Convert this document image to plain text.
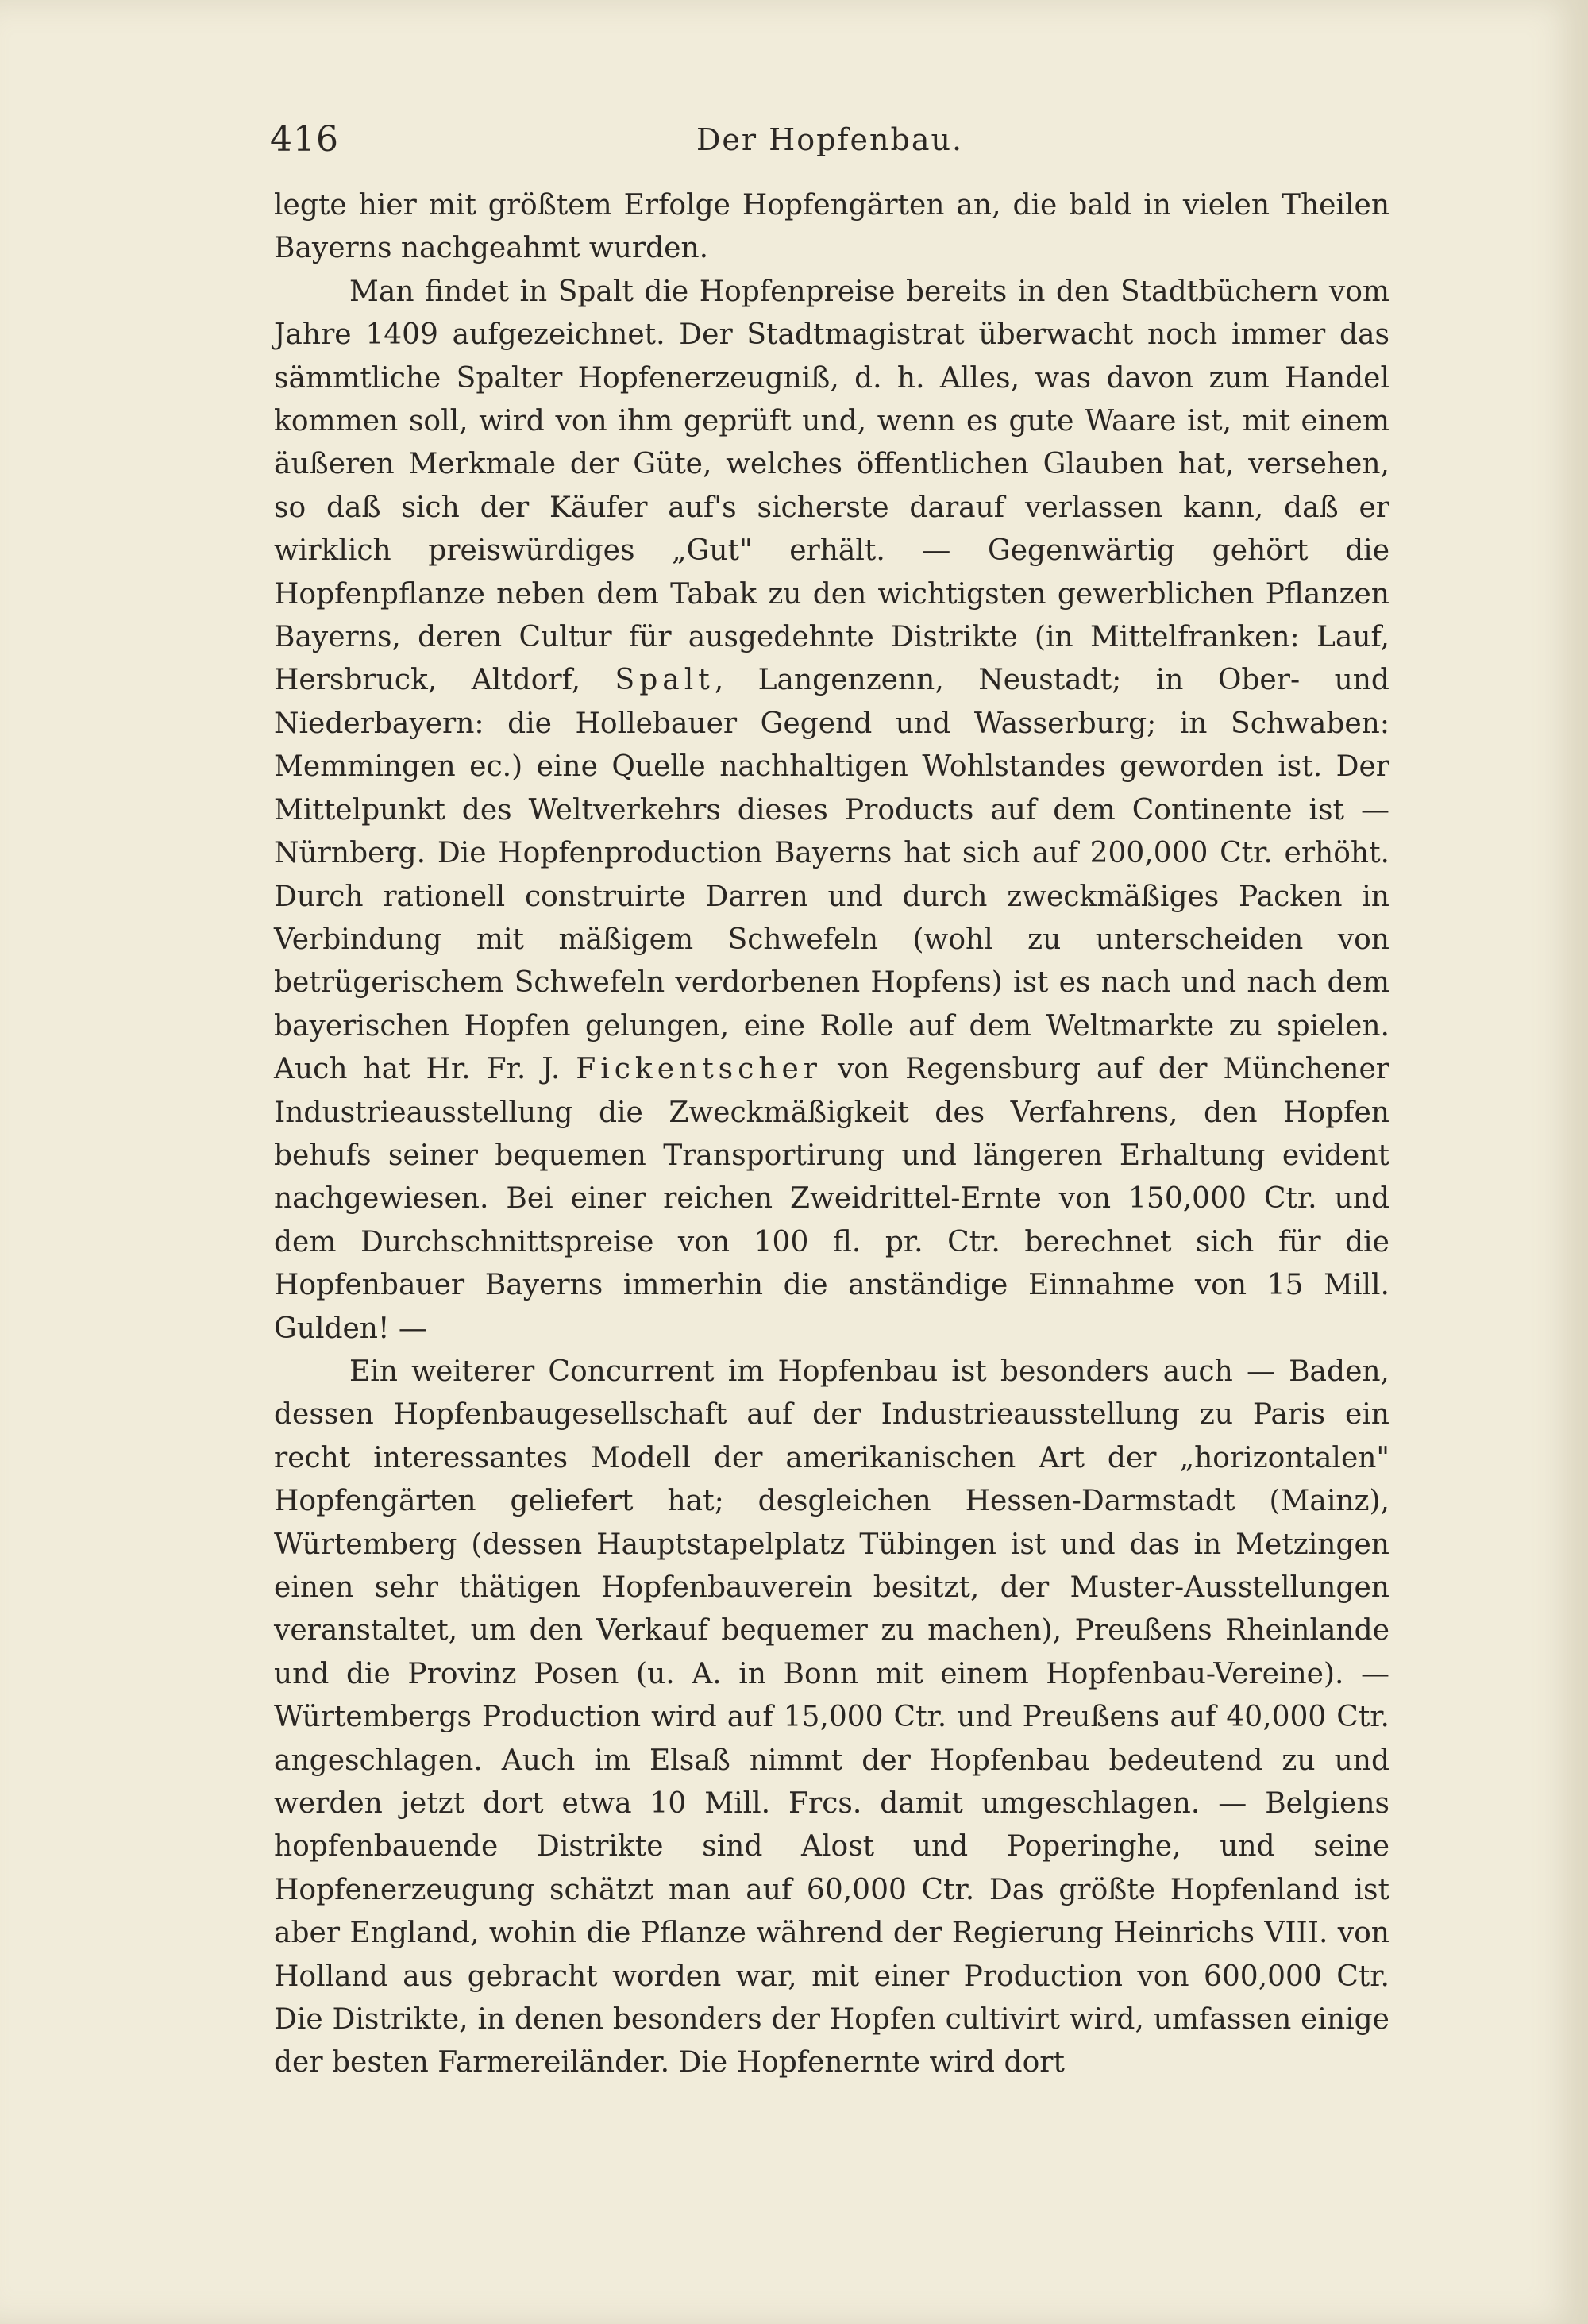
416	Der Hopfenbau.

legte hier mit größtem Erfolge Hopfengärten an, die bald in vielen Theilen Bayerns nachgeahmt wurden.

Man findet in Spalt die Hopfenpreise bereits in den Stadtbüchern vom Jahre 1409 aufgezeichnet. Der Stadtmagistrat überwacht noch immer das sämmtliche Spalter Hopfenerzeugniß, d. h. Alles, was davon zum Handel kommen soll, wird von ihm geprüft und, wenn es gute Waare ist, mit einem äußeren Merkmale der Güte, welches öffentlichen Glauben hat, versehen, so daß sich der Käufer auf's sicherste darauf verlassen kann, daß er wirklich preiswürdiges „Gut" erhält. — Gegenwärtig gehört die Hopfenpflanze neben dem Tabak zu den wichtigsten gewerblichen Pflanzen Bayerns, deren Cultur für ausgedehnte Distrikte (in Mittelfranken: Lauf, Hersbruck, Altdorf, Spalt, Langenzenn, Neustadt; in Ober- und Niederbayern: die Hollebauer Gegend und Wasserburg; in Schwaben: Memmingen ec.) eine Quelle nachhaltigen Wohlstandes geworden ist. Der Mittelpunkt des Weltverkehrs dieses Products auf dem Continente ist — Nürnberg. Die Hopfenproduction Bayerns hat sich auf 200,000 Ctr. erhöht. Durch rationell construirte Darren und durch zweckmäßiges Packen in Verbindung mit mäßigem Schwefeln (wohl zu unterscheiden von betrügerischem Schwefeln verdorbenen Hopfens) ist es nach und nach dem bayerischen Hopfen gelungen, eine Rolle auf dem Weltmarkte zu spielen. Auch hat Hr. Fr. J. Fickentscher von Regensburg auf der Münchener Industrieausstellung die Zweckmäßigkeit des Verfahrens, den Hopfen behufs seiner bequemen Transportirung und längeren Erhaltung evident nachgewiesen. Bei einer reichen Zweidrittel-Ernte von 150,000 Ctr. und dem Durchschnittspreise von 100 fl. pr. Ctr. berechnet sich für die Hopfenbauer Bayerns immerhin die anständige Einnahme von 15 Mill. Gulden! —

Ein weiterer Concurrent im Hopfenbau ist besonders auch — Baden, dessen Hopfenbaugesellschaft auf der Industrieausstellung zu Paris ein recht interessantes Modell der amerikanischen Art der „horizontalen" Hopfengärten geliefert hat; desgleichen Hessen-Darmstadt (Mainz), Würtemberg (dessen Hauptstapelplatz Tübingen ist und das in Metzingen einen sehr thätigen Hopfenbauverein besitzt, der Muster-Ausstellungen veranstaltet, um den Verkauf bequemer zu machen), Preußens Rheinlande und die Provinz Posen (u. A. in Bonn mit einem Hopfenbau-Vereine). — Würtembergs Production wird auf 15,000 Ctr. und Preußens auf 40,000 Ctr. angeschlagen. Auch im Elsaß nimmt der Hopfenbau bedeutend zu und werden jetzt dort etwa 10 Mill. Frcs. damit umgeschlagen. — Belgiens hopfenbauende Distrikte sind Alost und Poperinghe, und seine Hopfenerzeugung schätzt man auf 60,000 Ctr. Das größte Hopfenland ist aber England, wohin die Pflanze während der Regierung Heinrichs VIII. von Holland aus gebracht worden war, mit einer Production von 600,000 Ctr. Die Distrikte, in denen besonders der Hopfen cultivirt wird, umfassen einige der besten Farmereiländer. Die Hopfenernte wird dort
